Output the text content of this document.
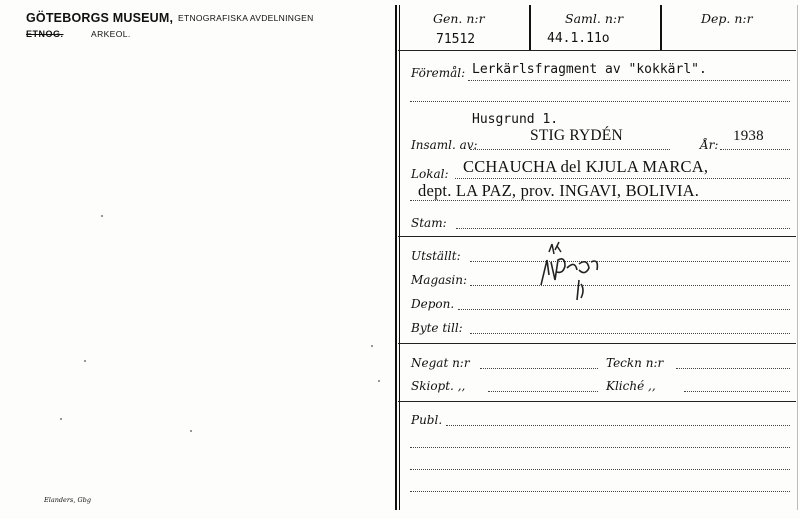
GÖTEBORGS MUSEUM, ETNOGRAFISKA AVDELNINGEN
ETNOG.	ARKEOL.
Elanders, Gbg
Gen. n:r	Saml. n:r	Dep. n:r
71512	44.1.11o
Föremål: Lerkärlsfragment av "kokkärl".
Husgrund 1.
Insaml. av:
STIG RYDÉN
År:
1938
Lokal: CCHAUCHA del KJULA MARCA,
dept. LA PAZ, prov. INGAVI, BOLIVIA.
Stam:
Utställt:
Magasin:
Depon.
Byte till:
Negat n:r	Teckn n:r
Skiopt. ,,	Kliché ,,
Publ.
